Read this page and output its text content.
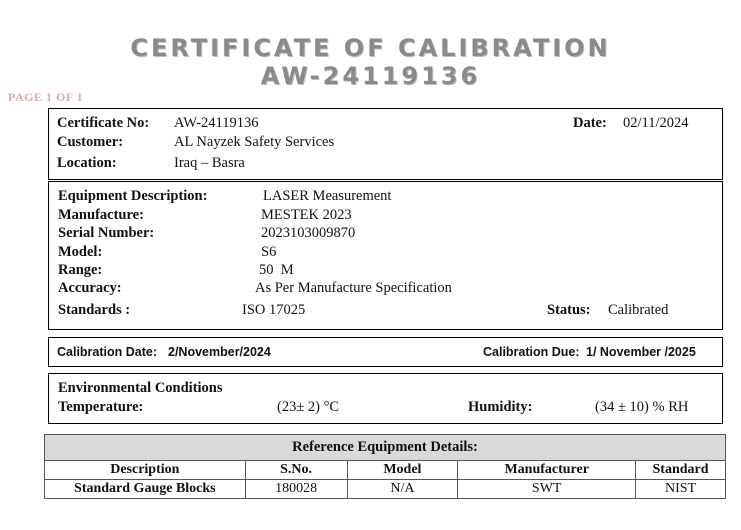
CERTIFICATE OF CALIBRATION
AW-24119136
PAGE 1 OF 1
Certificate No: AW-24119136	Date: 02/11/2024
Customer:	AL Nayzek Safety Services
Location:	Iraq – Basra
Equipment Description:	LASER Measurement
Manufacture:	MESTEK 2023
Serial Number:	2023103009870
Model:	S6
Range:	50  M
Accuracy:	As Per Manufacture Specification
Standards :	ISO 17025	Status: Calibrated
Calibration Date: 2/November/2024	Calibration Due: 1/ November /2025
Environmental Conditions
Temperature:	(23± 2) °C	Humidity:	(34 ± 10) % RH
Reference Equipment Details:				
Description	S.No.	Model	Manufacturer	Standard
Standard Gauge Blocks	180028	N/A	SWT	NIST
